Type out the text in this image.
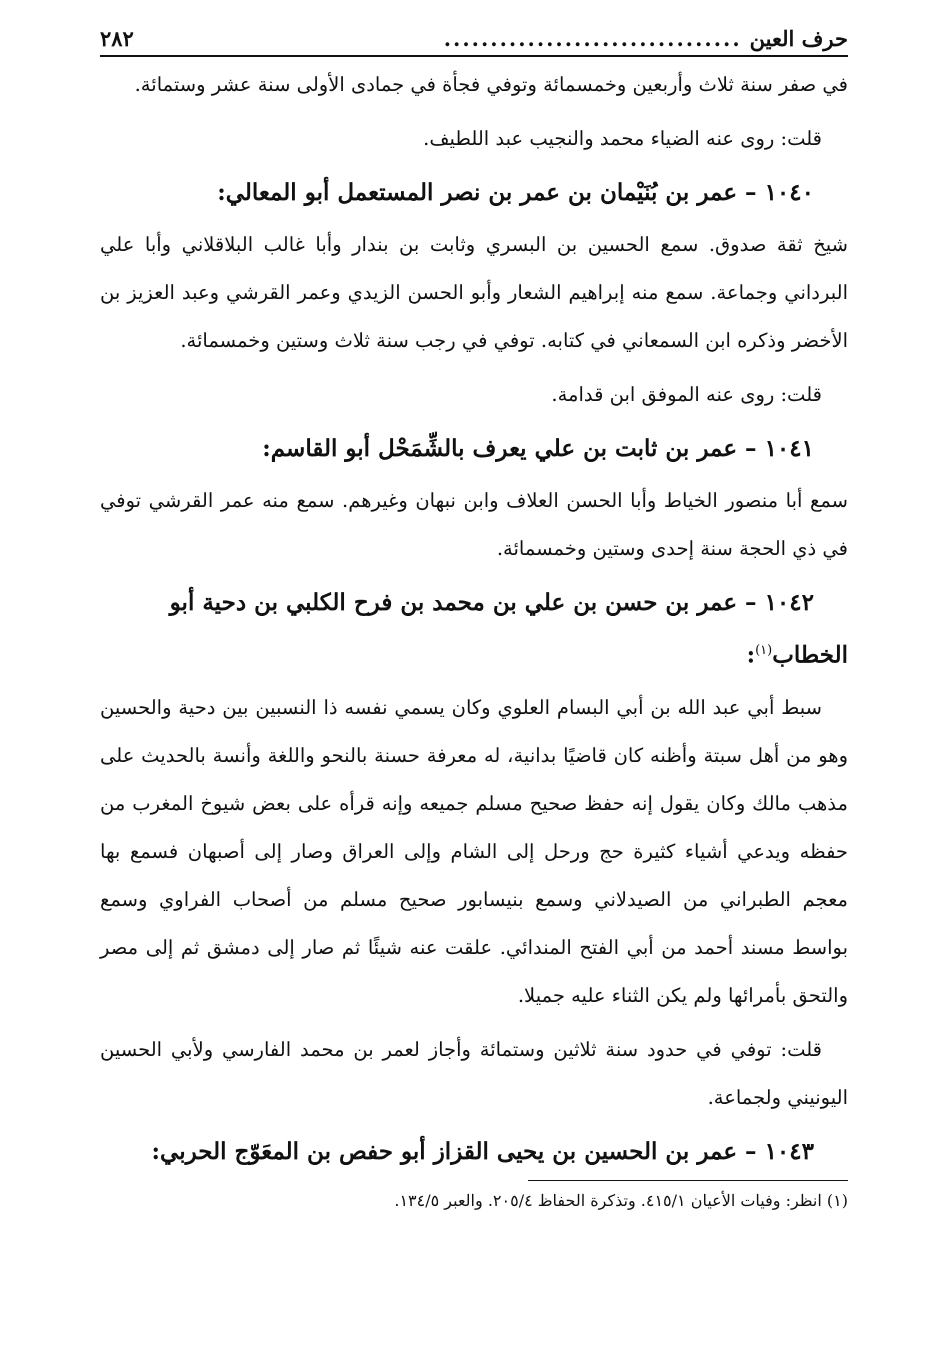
حرف العين
................................
٢٨٢

في صفر سنة ثلاث وأربعين وخمسمائة وتوفي فجأة في جمادى الأولى سنة عشر وستمائة.

قلت: روى عنه الضياء محمد والنجيب عبد اللطيف.

١٠٤٠ – عمر بن بُنَيْمان بن عمر بن نصر المستعمل أبو المعالي:

شيخ ثقة صدوق. سمع الحسين بن البسري وثابت بن بندار وأبا غالب البلاقلاني وأبا علي البرداني وجماعة. سمع منه إبراهيم الشعار وأبو الحسن الزيدي وعمر القرشي وعبد العزيز بن الأخضر وذكره ابن السمعاني في كتابه. توفي في رجب سنة ثلاث وستين وخمسمائة.

قلت: روى عنه الموفق ابن قدامة.

١٠٤١ – عمر بن ثابت بن علي يعرف بالشِّمَحْل أبو القاسم:

سمع أبا منصور الخياط وأبا الحسن العلاف وابن نبهان وغيرهم. سمع منه عمر القرشي توفي في ذي الحجة سنة إحدى وستين وخمسمائة.

١٠٤٢ – عمر بن حسن بن علي بن محمد بن فرح الكلبي بن دحية أبو الخطاب$^{(١)}$:

سبط أبي عبد الله بن أبي البسام العلوي وكان يسمي نفسه ذا النسبين بين دحية والحسين وهو من أهل سبتة وأظنه كان قاضيًا بدانية، له معرفة حسنة بالنحو واللغة وأنسة بالحديث على مذهب مالك وكان يقول إنه حفظ صحيح مسلم جميعه وإنه قرأه على بعض شيوخ المغرب من حفظه ويدعي أشياء كثيرة حج ورحل إلى الشام وإلى العراق وصار إلى أصبهان فسمع بها معجم الطبراني من الصيدلاني وسمع بنيسابور صحيح مسلم من أصحاب الفراوي وسمع بواسط مسند أحمد من أبي الفتح المندائي. علقت عنه شيئًا ثم صار إلى دمشق ثم إلى مصر والتحق بأمرائها ولم يكن الثناء عليه جميلا.

قلت: توفي في حدود سنة ثلاثين وستمائة وأجاز لعمر بن محمد الفارسي ولأبي الحسين اليونيني ولجماعة.

١٠٤٣ – عمر بن الحسين بن يحيى القزاز أبو حفص بن المعَوّج الحربي:
(١) انظر: وفيات الأعيان ٤١٥/١. وتذكرة الحفاظ ٢٠٥/٤. والعبر ١٣٤/٥.
